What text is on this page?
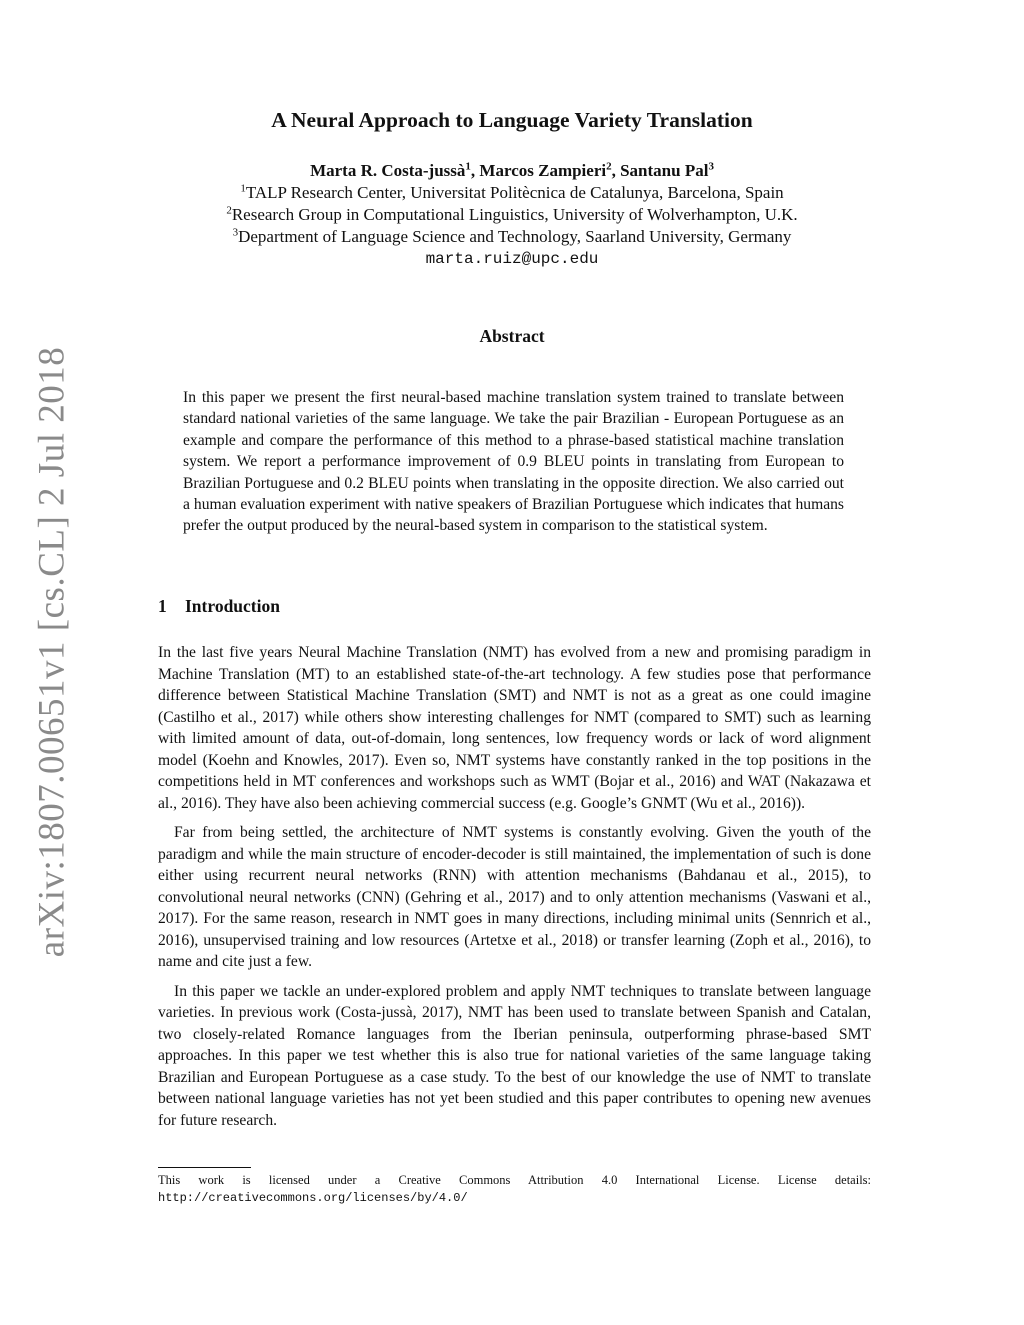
arXiv:1807.00651v1 [cs.CL] 2 Jul 2018
A Neural Approach to Language Variety Translation
Marta R. Costa-jussà$^1$, Marcos Zampieri$^2$, Santanu Pal$^3$
$^1$TALP Research Center, Universitat Politècnica de Catalunya, Barcelona, Spain
$^2$Research Group in Computational Linguistics, University of Wolverhampton, U.K.
$^3$Department of Language Science and Technology, Saarland University, Germany
marta.ruiz@upc.edu
Abstract

In this paper we present the first neural-based machine translation system trained to translate between standard national varieties of the same language. We take the pair Brazilian - European Portuguese as an example and compare the performance of this method to a phrase-based statistical machine translation system. We report a performance improvement of 0.9 BLEU points in translating from European to Brazilian Portuguese and 0.2 BLEU points when translating in the opposite direction. We also carried out a human evaluation experiment with native speakers of Brazilian Portuguese which indicates that humans prefer the output produced by the neural-based system in comparison to the statistical system.

1 Introduction

In the last five years Neural Machine Translation (NMT) has evolved from a new and promising paradigm in Machine Translation (MT) to an established state-of-the-art technology. A few studies pose that performance difference between Statistical Machine Translation (SMT) and NMT is not as a great as one could imagine (Castilho et al., 2017) while others show interesting challenges for NMT (compared to SMT) such as learning with limited amount of data, out-of-domain, long sentences, low frequency words or lack of word alignment model (Koehn and Knowles, 2017). Even so, NMT systems have constantly ranked in the top positions in the competitions held in MT conferences and workshops such as WMT (Bojar et al., 2016) and WAT (Nakazawa et al., 2016). They have also been achieving commercial success (e.g. Google’s GNMT (Wu et al., 2016)).

Far from being settled, the architecture of NMT systems is constantly evolving. Given the youth of the paradigm and while the main structure of encoder-decoder is still maintained, the implementation of such is done either using recurrent neural networks (RNN) with attention mechanisms (Bahdanau et al., 2015), to convolutional neural networks (CNN) (Gehring et al., 2017) and to only attention mechanisms (Vaswani et al., 2017). For the same reason, research in NMT goes in many directions, including minimal units (Sennrich et al., 2016), unsupervised training and low resources (Artetxe et al., 2018) or transfer learning (Zoph et al., 2016), to name and cite just a few.

In this paper we tackle an under-explored problem and apply NMT techniques to translate between language varieties. In previous work (Costa-jussà, 2017), NMT has been used to translate between Spanish and Catalan, two closely-related Romance languages from the Iberian peninsula, outperforming phrase-based SMT approaches. In this paper we test whether this is also true for national varieties of the same language taking Brazilian and European Portuguese as a case study. To the best of our knowledge the use of NMT to translate between national language varieties has not yet been studied and this paper contributes to opening new avenues for future research.

This work is licensed under a Creative Commons Attribution 4.0 International License. License details: http://creativecommons.org/licenses/by/4.0/
